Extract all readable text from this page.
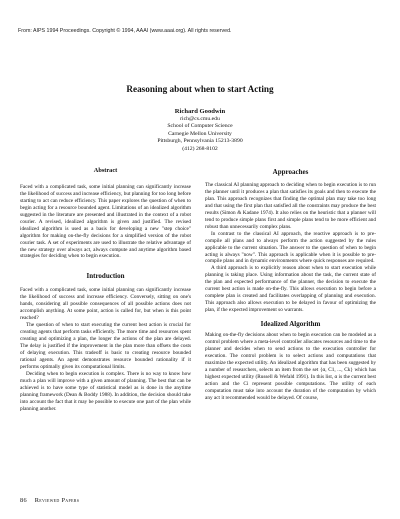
From: AIPS 1994 Proceedings. Copyright © 1994, AAAI (www.aaai.org). All rights reserved.
Reasoning about when to start Acting
Richard Goodwin
rich@cs.cmu.edu
School of Computer Science
Carnegie Mellon University
Pittsburgh, Pennsylvania 15213-3890
(412) 268-8102
Abstract

Faced with a complicated task, some initial planning can significantly increase the likelihood of success and increase efficiency, but planning for too long before starting to act can reduce efficiency. This paper explores the question of when to begin acting for a resource bounded agent. Limitations of an idealized algorithm suggested in the literature are presented and illustrated in the context of a robot courier. A revised, idealized algorithm is given and justified. The revised idealized algorithm is used as a basis for developing a new "step choice" algorithm for making on-the-fly decisions for a simplified version of the robot courier task. A set of experiments are used to illustrate the relative advantage of the new strategy over always act, always compute and anytime algorithm based strategies for deciding when to begin execution.

Introduction

Faced with a complicated task, some initial planning can significantly increase the likelihood of success and increase efficiency. Conversely, sitting on one's hands, considering all possible consequences of all possible actions does not accomplish anything. At some point, action is called for, but when is this point reached?

The question of when to start executing the current best action is crucial for creating agents that perform tasks efficiently. The more time and resources spent creating and optimizing a plan, the longer the actions of the plan are delayed. The delay is justified if the improvement in the plan more than offsets the costs of delaying execution. This tradeoff is basic to creating resource bounded rational agents. An agent demonstrates resource bounded rationality if it performs optimally given its computational limits.

Deciding when to begin execution is complex. There is no way to know how much a plan will improve with a given amount of planning. The best that can be achieved is to have some type of statistical model as is done in the anytime planning framework (Dean & Boddy 1988). In addition, the decision should take into account the fact that it may be possible to execute one part of the plan while planning another.

Approaches

The classical AI planning approach to deciding when to begin execution is to run the planner until it produces a plan that satisfies its goals and then to execute the plan. This approach recognizes that finding the optimal plan may take too long and that using the first plan that satisfied all the constraints may produce the best results (Simon & Kadane 1974). It also relies on the heuristic that a planner will tend to produce simple plans first and simple plans tend to be more efficient and robust than unnecessarily complex plans.

In contrast to the classical AI approach, the reactive approach is to pre-compile all plans and to always perform the action suggested by the rules applicable to the current situation. The answer to the question of when to begin acting is always "now". This approach is applicable when it is possible to pre-compile plans and in dynamic environments where quick responses are required.

A third approach is to explicitly reason about when to start execution while planning is taking place. Using information about the task, the current state of the plan and expected performance of the planner, the decision to execute the current best action is made on-the-fly. This allows execution to begin before a complete plan is created and facilitates overlapping of planning and execution. This approach also allows execution to be delayed in favour of optimizing the plan, if the expected improvement so warrants.

Idealized Algorithm

Making on-the-fly decisions about when to begin execution can be modeled as a control problem where a meta-level controller allocates resources and time to the planner and decides when to send actions to the execution controller for execution. The control problem is to select actions and computations that maximize the expected utility. An idealized algorithm that has been suggested by a number of researchers, selects an item from the set {α, C1, ..., Ck} which has highest expected utility (Russell & Wefald 1991). In this list, α is the current best action and the Ci represent possible computations. The utility of each computation must take into account the duration of the computation by which any act it recommended would be delayed. Of course,

86 Reviewed Papers
